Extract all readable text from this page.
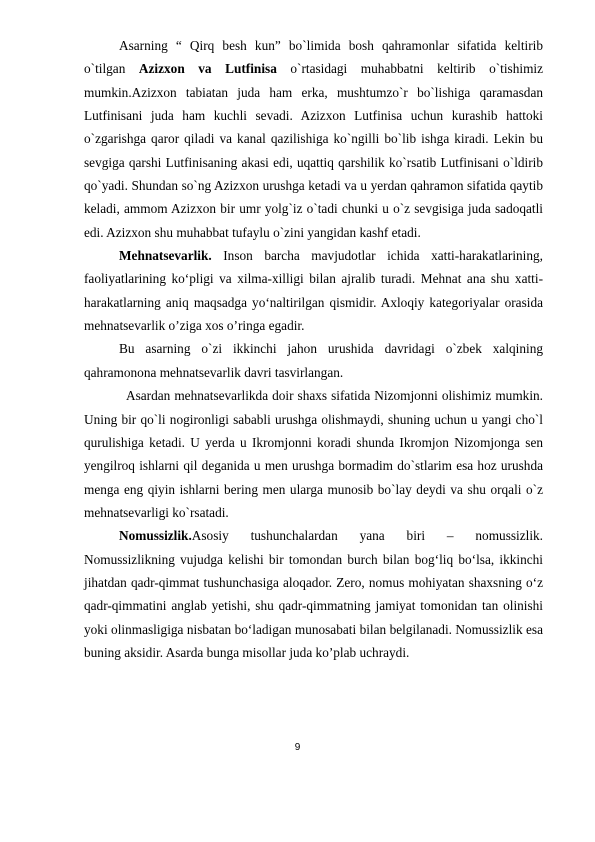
Asarning “ Qirq besh kun” bo`limida bosh qahramonlar sifatida keltirib o`tilgan Azizxon va Lutfinisa o`rtasidagi muhabbatni keltirib o`tishimiz mumkin.Azizxon tabiatan juda ham erka, mushtumzo`r bo`lishiga qaramasdan Lutfinisani juda ham kuchli sevadi. Azizxon Lutfinisa uchun kurashib hattoki o`zgarishga qaror qiladi va kanal qazilishiga ko`ngilli bo`lib ishga kiradi. Lekin bu sevgiga qarshi Lutfinisaning akasi edi, uqattiq qarshilik ko`rsatib Lutfinisani o`ldirib qo`yadi. Shundan so`ng Azizxon urushga ketadi va u yerdan qahramon sifatida qaytib keladi, ammom Azizxon bir umr yolg`iz o`tadi chunki u o`z sevgisiga juda sadoqatli edi. Azizxon shu muhabbat tufaylu o`zini yangidan kashf etadi.

Mehnatsevarlik. Inson barcha mavjudotlar ichida xatti-harakatlarining, faoliyatlarining ko‘pligi va xilma-xilligi bilan ajralib turadi. Mehnat ana shu xatti-harakatlarning aniq maqsadga yo‘naltirilgan qismidir. Axloqiy kategoriyalar orasida mehnatsevarlik o’ziga xos o’ringa egadir.

Bu asarning o`zi ikkinchi jahon urushida davridagi o`zbek xalqining qahramonona mehnatsevarlik davri tasvirlangan.

Asardan mehnatsevarlikda doir shaxs sifatida Nizomjonni olishimiz mumkin. Uning bir qo`li nogironligi sababli urushga olishmaydi, shuning uchun u yangi cho`l qurulishiga ketadi. U yerda u Ikromjonni koradi shunda Ikromjon Nizomjonga sen yengilroq ishlarni qil deganida u men urushga bormadim do`stlarim esa hoz urushda menga eng qiyin ishlarni bering men ularga munosib bo`lay deydi va shu orqali o`z mehnatsevarligi ko`rsatadi.

Nomussizlik.Asosiy tushunchalardan yana biri – nomussizlik. Nomussizlikning vujudga kelishi bir tomondan burch bilan bog‘liq bo‘lsa, ikkinchi jihatdan qadr-qimmat tushunchasiga aloqador. Zero, nomus mohiyatan shaxsning o‘z qadr-qimmatini anglab yetishi, shu qadr-qimmatning jamiyat tomonidan tan olinishi yoki olinmasligiga nisbatan bo‘ladigan munosabati bilan belgilanadi. Nomussizlik esa buning aksidir. Asarda bunga misollar juda ko’plab uchraydi.

9
